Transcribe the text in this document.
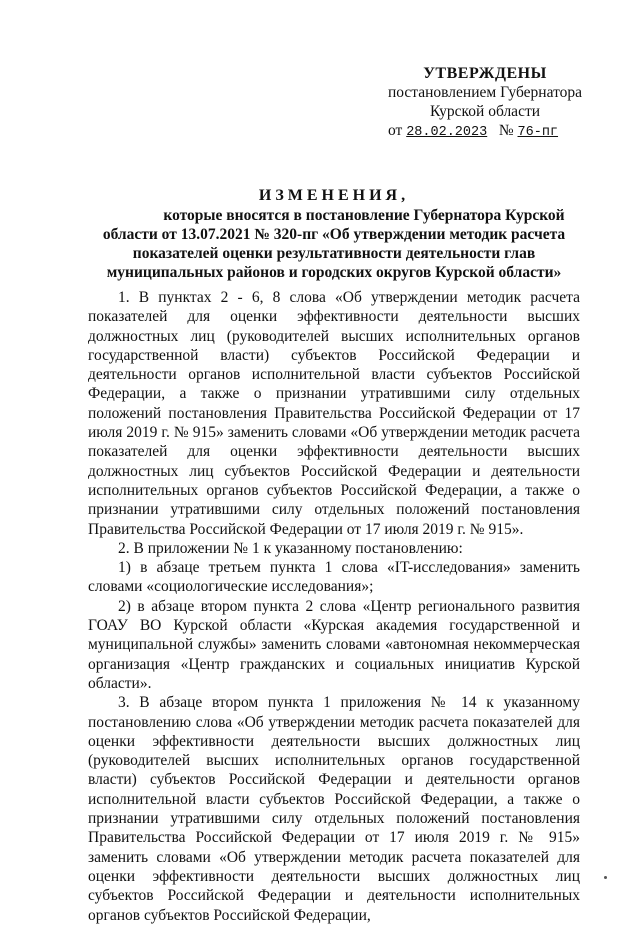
УТВЕРЖДЕНЫ
постановлением Губернатора
Курской области
от 28.02.2023 № 76-пг
ИЗМЕНЕНИЯ,
которые вносятся в постановление Губернатора Курской
области от 13.07.2021 № 320-пг «Об утверждении методик расчета
показателей оценки результативности деятельности глав
муниципальных районов и городских округов Курской области»

1. В пунктах 2 - 6, 8 слова «Об утверждении методик расчета показателей для оценки эффективности деятельности высших должностных лиц (руководителей высших исполнительных органов государственной власти) субъектов Российской Федерации и деятельности органов исполнительной власти субъектов Российской Федерации, а также о признании утратившими силу отдельных положений постановления Правительства Российской Федерации от 17 июля 2019 г. № 915» заменить словами «Об утверждении методик расчета показателей для оценки эффективности деятельности высших должностных лиц субъектов Российской Федерации и деятельности исполнительных органов субъектов Российской Федерации, а также о признании утратившими силу отдельных положений постановления Правительства Российской Федерации от 17 июля 2019 г. № 915».

2. В приложении № 1 к указанному постановлению:

1) в абзаце третьем пункта 1 слова «IT-исследования» заменить словами «социологические исследования»;

2) в абзаце втором пункта 2 слова «Центр регионального развития ГОАУ ВО Курской области «Курская академия государственной и муниципальной службы» заменить словами «автономная некоммерческая организация «Центр гражданских и социальных инициатив Курской области».

3. В абзаце втором пункта 1 приложения № 14 к указанному постановлению слова «Об утверждении методик расчета показателей для оценки эффективности деятельности высших должностных лиц (руководителей высших исполнительных органов государственной власти) субъектов Российской Федерации и деятельности органов исполнительной власти субъектов Российской Федерации, а также о признании утратившими силу отдельных положений постановления Правительства Российской Федерации от 17 июля 2019 г. № 915» заменить словами «Об утверждении методик расчета показателей для оценки эффективности деятельности высших должностных лиц субъектов Российской Федерации и деятельности исполнительных органов субъектов Российской Федерации,
